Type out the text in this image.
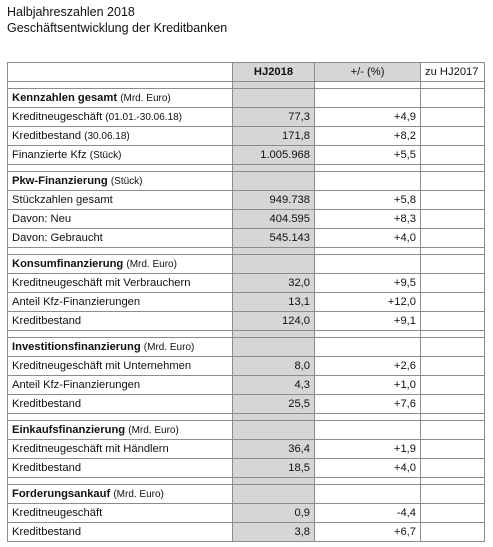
Halbjahreszahlen 2018
Geschäftsentwicklung der Kreditbanken
	HJ2018	+/- (%)	zu HJ2017

Kennzahlen gesamt (Mrd. Euro)			
Kreditneugeschäft (01.01.-30.06.18)	77,3	+4,9	
Kreditbestand (30.06.18)	171,8	+8,2	
Finanzierte Kfz (Stück)	1.005.968	+5,5	

Pkw-Finanzierung (Stück)			
Stückzahlen gesamt	949.738	+5,8	
Davon: Neu	404.595	+8,3	
Davon: Gebraucht	545.143	+4,0	

Konsumfinanzierung (Mrd. Euro)			
Kreditneugeschäft mit Verbrauchern	32,0	+9,5	
Anteil Kfz-Finanzierungen	13,1	+12,0	
Kreditbestand	124,0	+9,1	

Investitionsfinanzierung (Mrd. Euro)			
Kreditneugeschäft mit Unternehmen	8,0	+2,6	
Anteil Kfz-Finanzierungen	4,3	+1,0	
Kreditbestand	25,5	+7,6	

Einkaufsfinanzierung (Mrd. Euro)			
Kreditneugeschäft mit Händlern	36,4	+1,9	
Kreditbestand	18,5	+4,0	

Forderungsankauf (Mrd. Euro)			
Kreditneugeschäft	0,9	-4,4	
Kreditbestand	3,8	+6,7	
